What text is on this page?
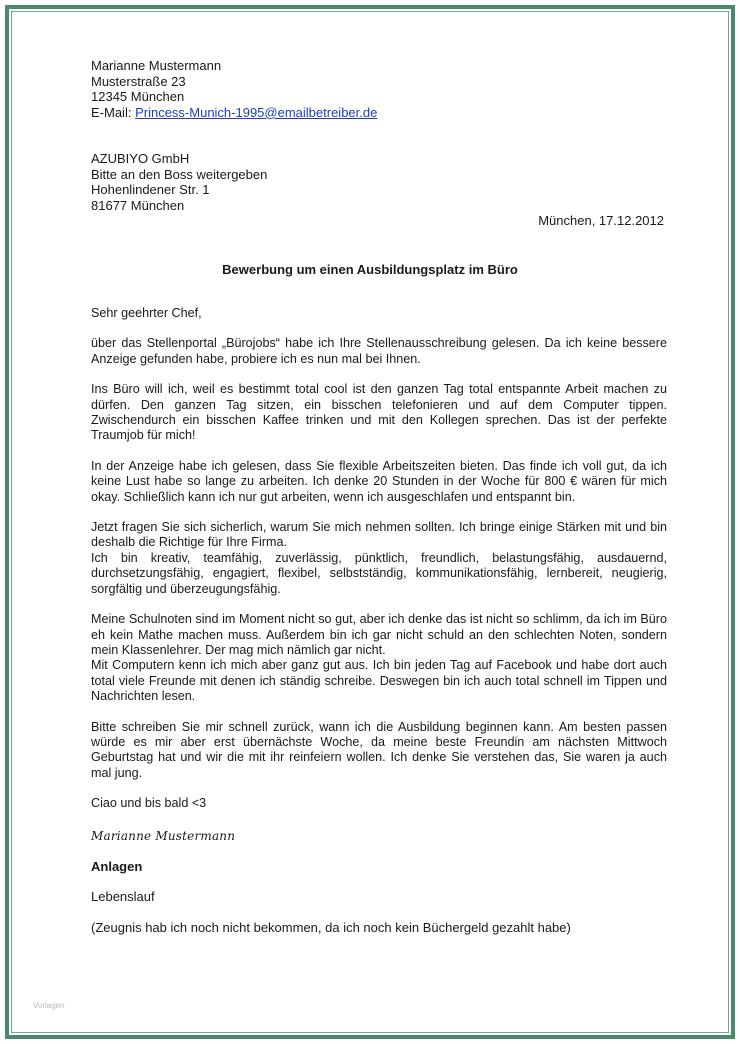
Marianne Mustermann
Musterstraße 23
12345 München
E-Mail: Princess-Munich-1995@emailbetreiber.de
AZUBIYO GmbH
Bitte an den Boss weitergeben
Hohenlindener Str. 1
81677 München
München, 17.12.2012
Bewerbung um einen Ausbildungsplatz im Büro

Sehr geehrter Chef,

über das Stellenportal „Bürojobs“ habe ich Ihre Stellenausschreibung gelesen. Da ich keine bessere Anzeige gefunden habe, probiere ich es nun mal bei Ihnen.

Ins Büro will ich, weil es bestimmt total cool ist den ganzen Tag total entspannte Arbeit machen zu dürfen. Den ganzen Tag sitzen, ein bisschen telefonieren und auf dem Computer tippen. Zwischendurch ein bisschen Kaffee trinken und mit den Kollegen sprechen. Das ist der perfekte Traumjob für mich!

In der Anzeige habe ich gelesen, dass Sie flexible Arbeitszeiten bieten. Das finde ich voll gut, da ich keine Lust habe so lange zu arbeiten. Ich denke 20 Stunden in der Woche für 800 € wären für mich okay. Schließlich kann ich nur gut arbeiten, wenn ich ausgeschlafen und entspannt bin.

Jetzt fragen Sie sich sicherlich, warum Sie mich nehmen sollten. Ich bringe einige Stärken mit und bin deshalb die Richtige für Ihre Firma.

Ich bin kreativ, teamfähig, zuverlässig, pünktlich, freundlich, belastungsfähig, ausdauernd, durchsetzungsfähig, engagiert, flexibel, selbstständig, kommunikationsfähig, lernbereit, neugierig, sorgfältig und überzeugungsfähig.

Meine Schulnoten sind im Moment nicht so gut, aber ich denke das ist nicht so schlimm, da ich im Büro eh kein Mathe machen muss. Außerdem bin ich gar nicht schuld an den schlechten Noten, sondern mein Klassenlehrer. Der mag mich nämlich gar nicht.

Mit Computern kenn ich mich aber ganz gut aus. Ich bin jeden Tag auf Facebook und habe dort auch total viele Freunde mit denen ich ständig schreibe. Deswegen bin ich auch total schnell im Tippen und Nachrichten lesen.

Bitte schreiben Sie mir schnell zurück, wann ich die Ausbildung beginnen kann. Am besten passen würde es mir aber erst übernächste Woche, da meine beste Freundin am nächsten Mittwoch Geburtstag hat und wir die mit ihr reinfeiern wollen. Ich denke Sie verstehen das, Sie waren ja auch mal jung.

Ciao und bis bald <3

Marianne Mustermann

Anlagen

Lebenslauf

(Zeugnis hab ich noch nicht bekommen, da ich noch kein Büchergeld gezahlt habe)

Vorlagen
